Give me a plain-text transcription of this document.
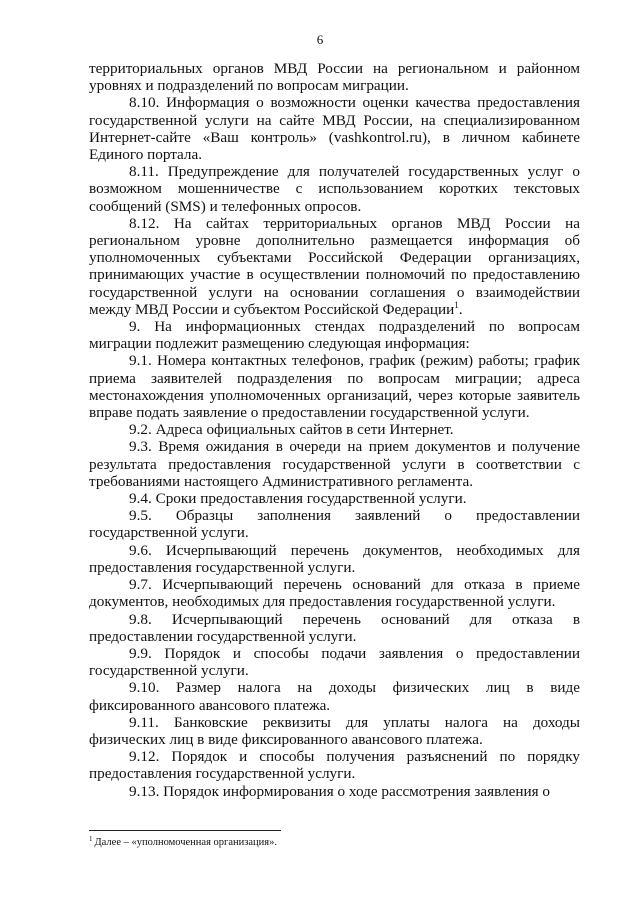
6

территориальных органов МВД России на региональном и районном уровнях и подразделений по вопросам миграции.

8.10. Информация о возможности оценки качества предоставления государственной услуги на сайте МВД России, на специализированном Интернет-сайте «Ваш контроль» (vashkontrol.ru), в личном кабинете Единого портала.

8.11. Предупреждение для получателей государственных услуг о возможном мошенничестве с использованием коротких текстовых сообщений (SMS) и телефонных опросов.

8.12. На сайтах территориальных органов МВД России на региональном уровне дополнительно размещается информация об уполномоченных субъектами Российской Федерации организациях, принимающих участие в осуществлении полномочий по предоставлению государственной услуги на основании соглашения о взаимодействии между МВД России и субъектом Российской Федерации$^1$.

9. На информационных стендах подразделений по вопросам миграции подлежит размещению следующая информация:

9.1. Номера контактных телефонов, график (режим) работы; график приема заявителей подразделения по вопросам миграции; адреса местонахождения уполномоченных организаций, через которые заявитель вправе подать заявление о предоставлении государственной услуги.

9.2. Адреса официальных сайтов в сети Интернет.

9.3. Время ожидания в очереди на прием документов и получение результата предоставления государственной услуги в соответствии с требованиями настоящего Административного регламента.

9.4. Сроки предоставления государственной услуги.

9.5. Образцы заполнения заявлений о предоставлении государственной услуги.

9.6. Исчерпывающий перечень документов, необходимых для предоставления государственной услуги.

9.7. Исчерпывающий перечень оснований для отказа в приеме документов, необходимых для предоставления государственной услуги.

9.8. Исчерпывающий перечень оснований для отказа в предоставлении государственной услуги.

9.9. Порядок и способы подачи заявления о предоставлении государственной услуги.

9.10. Размер налога на доходы физических лиц в виде фиксированного авансового платежа.

9.11. Банковские реквизиты для уплаты налога на доходы физических лиц в виде фиксированного авансового платежа.

9.12. Порядок и способы получения разъяснений по порядку предоставления государственной услуги.

9.13. Порядок информирования о ходе рассмотрения заявления о

$^1$ Далее – «уполномоченная организация».
